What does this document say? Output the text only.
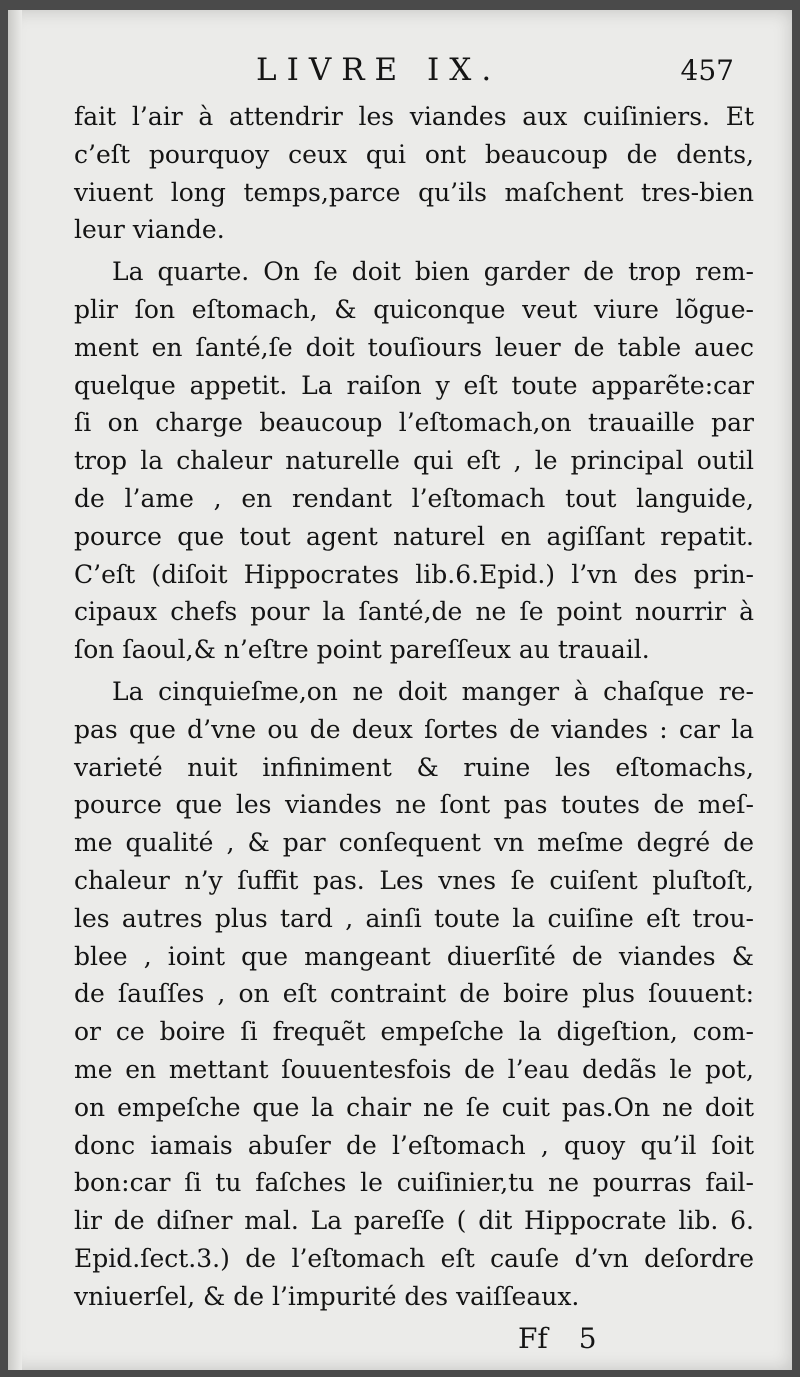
LIVRE IX.	457
fait l’air à attendrir les viandes aux cuiſiniers. Et
c’eſt pourquoy ceux qui ont beaucoup de dents,
viuent long temps,parce qu’ils maſchent tres-bien
leur viande.
La quarte. On ſe doit bien garder de trop rem-
plir ſon eſtomach, & quiconque veut viure lõgue-
ment en ſanté,ſe doit touſiours leuer de table auec
quelque appetit. La raiſon y eſt toute apparẽte:car
ſi on charge beaucoup l’eſtomach,on trauaille par
trop la chaleur naturelle qui eſt , le principal outil
de l’ame , en rendant l’eſtomach tout languide,
pource que tout agent naturel en agiſſant repatit.
C’eſt (diſoit Hippocrates lib.6.Epid.) l’vn des prin-
cipaux chefs pour la ſanté,de ne ſe point nourrir à
ſon ſaoul,& n’eſtre point pareſſeux au trauail.
La cinquieſme,on ne doit manger à chaſque re-
pas que d’vne ou de deux ſortes de viandes : car la
varieté nuit infiniment & ruine les eſtomachs,
pource que les viandes ne ſont pas toutes de meſ-
me qualité , & par conſequent vn meſme degré de
chaleur n’y ſuffit pas. Les vnes ſe cuiſent pluſtoſt,
les autres plus tard , ainſi toute la cuiſine eſt trou-
blee , ioint que mangeant diuerſité de viandes &
de ſauſſes , on eſt contraint de boire plus ſouuent:
or ce boire ſi frequẽt empeſche la digeſtion, com-
me en mettant ſouuentesfois de l’eau dedãs le pot,
on empeſche que la chair ne ſe cuit pas.On ne doit
donc iamais abuſer de l’eſtomach , quoy qu’il ſoit
bon:car ſi tu faſches le cuiſinier,tu ne pourras fail-
lir de diſner mal. La pareſſe ( dit Hippocrate lib. 6.
Epid.ſect.3.) de l’eſtomach eſt cauſe d’vn deſordre
vniuerſel, & de l’impurité des vaiſſeaux.
Ff 5
